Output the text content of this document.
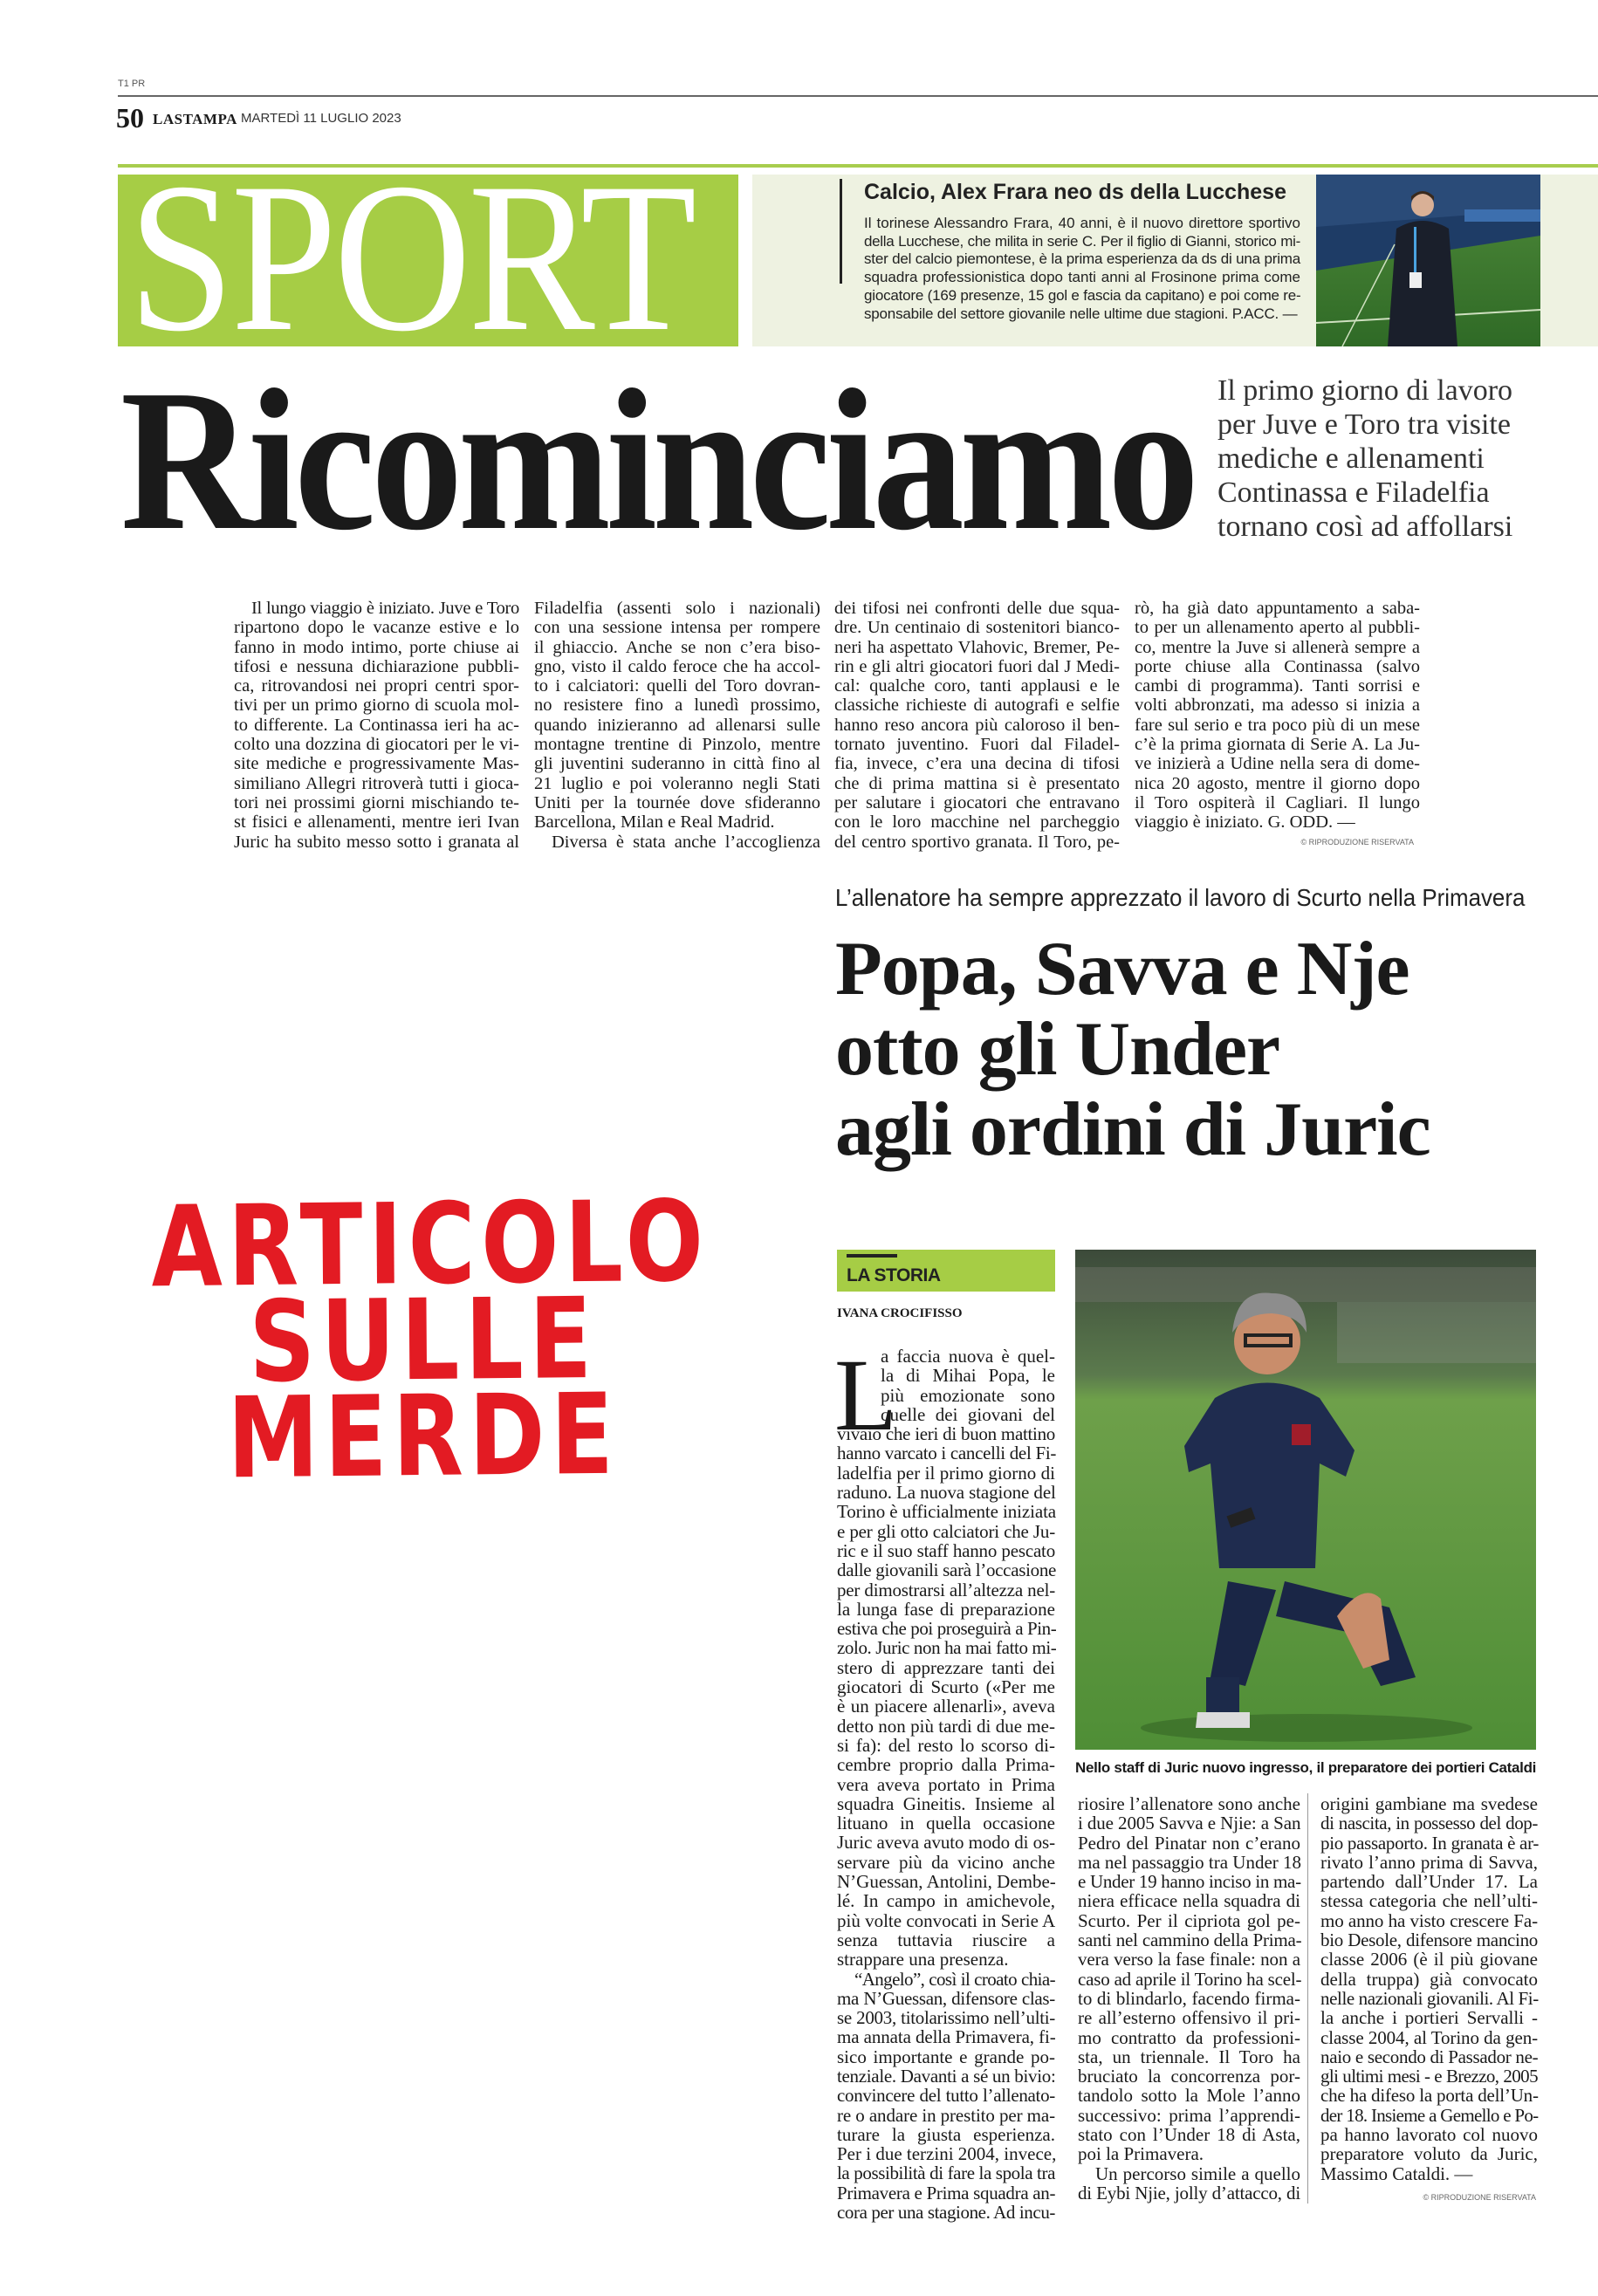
T1 PR
50 LASTAMPA MARTEDÌ 11 LUGLIO 2023
SPORT	Calcio, Alex Frara neo ds della Lucchese
Il torinese Alessandro Frara, 40 anni, è il nuovo direttore sportivo
della Lucchese, che milita in serie C. Per il figlio di Gianni, storico mi-
ster del calcio piemontese, è la prima esperienza da ds di una prima
squadra professionistica dopo tanti anni al Frosinone prima come
giocatore (169 presenze, 15 gol e fascia da capitano) e poi come re-
sponsabile del settore giovanile nelle ultime due stagioni. P.ACC. —
Ricominciamo Il primo giorno di lavoro
per Juve e Toro tra visite
mediche e allenamenti
Continassa e Filadelfia
tornano così ad affollarsi
Il lungo viaggio è iniziato. Juve e Toro
ripartono dopo le vacanze estive e lo
fanno in modo intimo, porte chiuse ai
tifosi e nessuna dichiarazione pubbli-
ca, ritrovandosi nei propri centri spor-
tivi per un primo giorno di scuola mol-
to differente. La Continassa ieri ha ac-
colto una dozzina di giocatori per le vi-
site mediche e progressivamente Mas-
similiano Allegri ritroverà tutti i gioca-
tori nei prossimi giorni mischiando te-
st fisici e allenamenti, mentre ieri Ivan
Juric ha subito messo sotto i granata al
Filadelfia (assenti solo i nazionali)
con una sessione intensa per rompere
il ghiaccio. Anche se non c’era biso-
gno, visto il caldo feroce che ha accol-
to i calciatori: quelli del Toro dovran-
no resistere fino a lunedì prossimo,
quando inizieranno ad allenarsi sulle
montagne trentine di Pinzolo, mentre
gli juventini suderanno in città fino al
21 luglio e poi voleranno negli Stati
Uniti per la tournée dove sfideranno
Barcellona, Milan e Real Madrid.
Diversa è stata anche l’accoglienza
dei tifosi nei confronti delle due squa-
dre. Un centinaio di sostenitori bianco-
neri ha aspettato Vlahovic, Bremer, Pe-
rin e gli altri giocatori fuori dal J Medi-
cal: qualche coro, tanti applausi e le
classiche richieste di autografi e selfie
hanno reso ancora più caloroso il ben-
tornato juventino. Fuori dal Filadel-
fia, invece, c’era una decina di tifosi
che di prima mattina si è presentato
per salutare i giocatori che entravano
con le loro macchine nel parcheggio
del centro sportivo granata. Il Toro, pe-
rò, ha già dato appuntamento a saba-
to per un allenamento aperto al pubbli-
co, mentre la Juve si allenerà sempre a
porte chiuse alla Continassa (salvo
cambi di programma). Tanti sorrisi e
volti abbronzati, ma adesso si inizia a
fare sul serio e tra poco più di un mese
c’è la prima giornata di Serie A. La Ju-
ve inizierà a Udine nella sera di dome-
nica 20 agosto, mentre il giorno dopo
il Toro ospiterà il Cagliari. Il lungo
viaggio è iniziato. G. ODD. —
© RIPRODUZIONE RISERVATA
L’allenatore ha sempre apprezzato il lavoro di Scurto nella Primavera
Popa, Savva e Nje
otto gli Under
agli ordini di Juric
ARTICOLO
SULLE
MERDE
LA STORIA
IVANA CROCIFISSO
L
a faccia nuova è quel-
la di Mihai Popa, le
più emozionate sono
quelle dei giovani del
vivaio che ieri di buon mattino
hanno varcato i cancelli del Fi-
ladelfia per il primo giorno di
raduno. La nuova stagione del
Torino è ufficialmente iniziata
e per gli otto calciatori che Ju-
ric e il suo staff hanno pescato
dalle giovanili sarà l’occasione
per dimostrarsi all’altezza nel-
la lunga fase di preparazione
estiva che poi proseguirà a Pin-
zolo. Juric non ha mai fatto mi-
stero di apprezzare tanti dei
giocatori di Scurto («Per me
è un piacere allenarli», aveva
detto non più tardi di due me-
si fa): del resto lo scorso di-
cembre proprio dalla Prima-
vera aveva portato in Prima
squadra Gineitis. Insieme al
lituano in quella occasione
Juric aveva avuto modo di os-
servare più da vicino anche
N’Guessan, Antolini, Dembe-
lé. In campo in amichevole,
più volte convocati in Serie A
senza tuttavia riuscire a
strappare una presenza.
“Angelo”, così il croato chia-
ma N’Guessan, difensore clas-
se 2003, titolarissimo nell’ulti-
ma annata della Primavera, fi-
sico importante e grande po-
tenziale. Davanti a sé un bivio:
convincere del tutto l’allenato-
re o andare in prestito per ma-
turare la giusta esperienza.
Per i due terzini 2004, invece,
la possibilità di fare la spola tra
Primavera e Prima squadra an-
cora per una stagione. Ad incu-
riosire l’allenatore sono anche
i due 2005 Savva e Njie: a San
Pedro del Pinatar non c’erano
ma nel passaggio tra Under 18
e Under 19 hanno inciso in ma-
niera efficace nella squadra di
Scurto. Per il cipriota gol pe-
santi nel cammino della Prima-
vera verso la fase finale: non a
caso ad aprile il Torino ha scel-
to di blindarlo, facendo firma-
re all’esterno offensivo il pri-
mo contratto da professioni-
sta, un triennale. Il Toro ha
bruciato la concorrenza por-
tandolo sotto la Mole l’anno
successivo: prima l’apprendi-
stato con l’Under 18 di Asta,
poi la Primavera.
Un percorso simile a quello
di Eybi Njie, jolly d’attacco, di
origini gambiane ma svedese
di nascita, in possesso del dop-
pio passaporto. In granata è ar-
rivato l’anno prima di Savva,
partendo dall’Under 17. La
stessa categoria che nell’ulti-
mo anno ha visto crescere Fa-
bio Desole, difensore mancino
classe 2006 (è il più giovane
della truppa) già convocato
nelle nazionali giovanili. Al Fi-
la anche i portieri Servalli -
classe 2004, al Torino da gen-
naio e secondo di Passador ne-
gli ultimi mesi - e Brezzo, 2005
che ha difeso la porta dell’Un-
der 18. Insieme a Gemello e Po-
pa hanno lavorato col nuovo
preparatore voluto da Juric,
Massimo Cataldi. —
© RIPRODUZIONE RISERVATA
Nello staff di Juric nuovo ingresso, il preparatore dei portieri Cataldi
